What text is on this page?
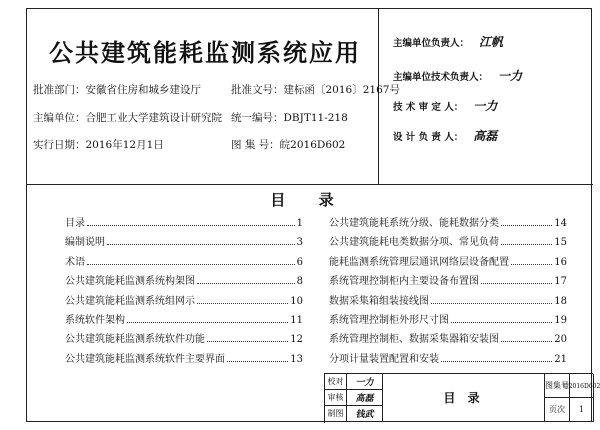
公共建筑能耗监测系统应用
批准部门：安徽省住房和城乡建设厅	批准文号：建标函〔2016〕2167号
主编单位：合肥工业大学建筑设计研究院 统一编号：DBJT11-218
实行日期：2016年12月1日	图 集 号：皖2016D602
主编单位负责人： 江帆
主编单位技术负责人： 一力
技 术 审 定 人： 一力
设 计 负 责 人： 高磊
目 录
目录	1
编制说明	3
术语	6
公共建筑能耗监测系统构架图	8
公共建筑能耗监测系统组网示	10
系统软件架构	11
公共建筑能耗监测系统软件功能	12
公共建筑能耗监测系统软件主要界面	13
公共建筑能耗系统分级、能耗数据分类	14
公共建筑能耗电类数据分项、常见负荷	15
能耗监测系统管理层通讯网络层设备配置	16
系统管理控制柜内主要设备布置图	17
数据采集箱组装接线图	18
系统管理控制柜外形尺寸图	19
系统管理控制柜、数据采集器箱安装图	20
分项计量装置配置和安装	21
校对	一力
审核	高磊
制图	钱武
目 录
图集号
皖2016D602
页次	1
